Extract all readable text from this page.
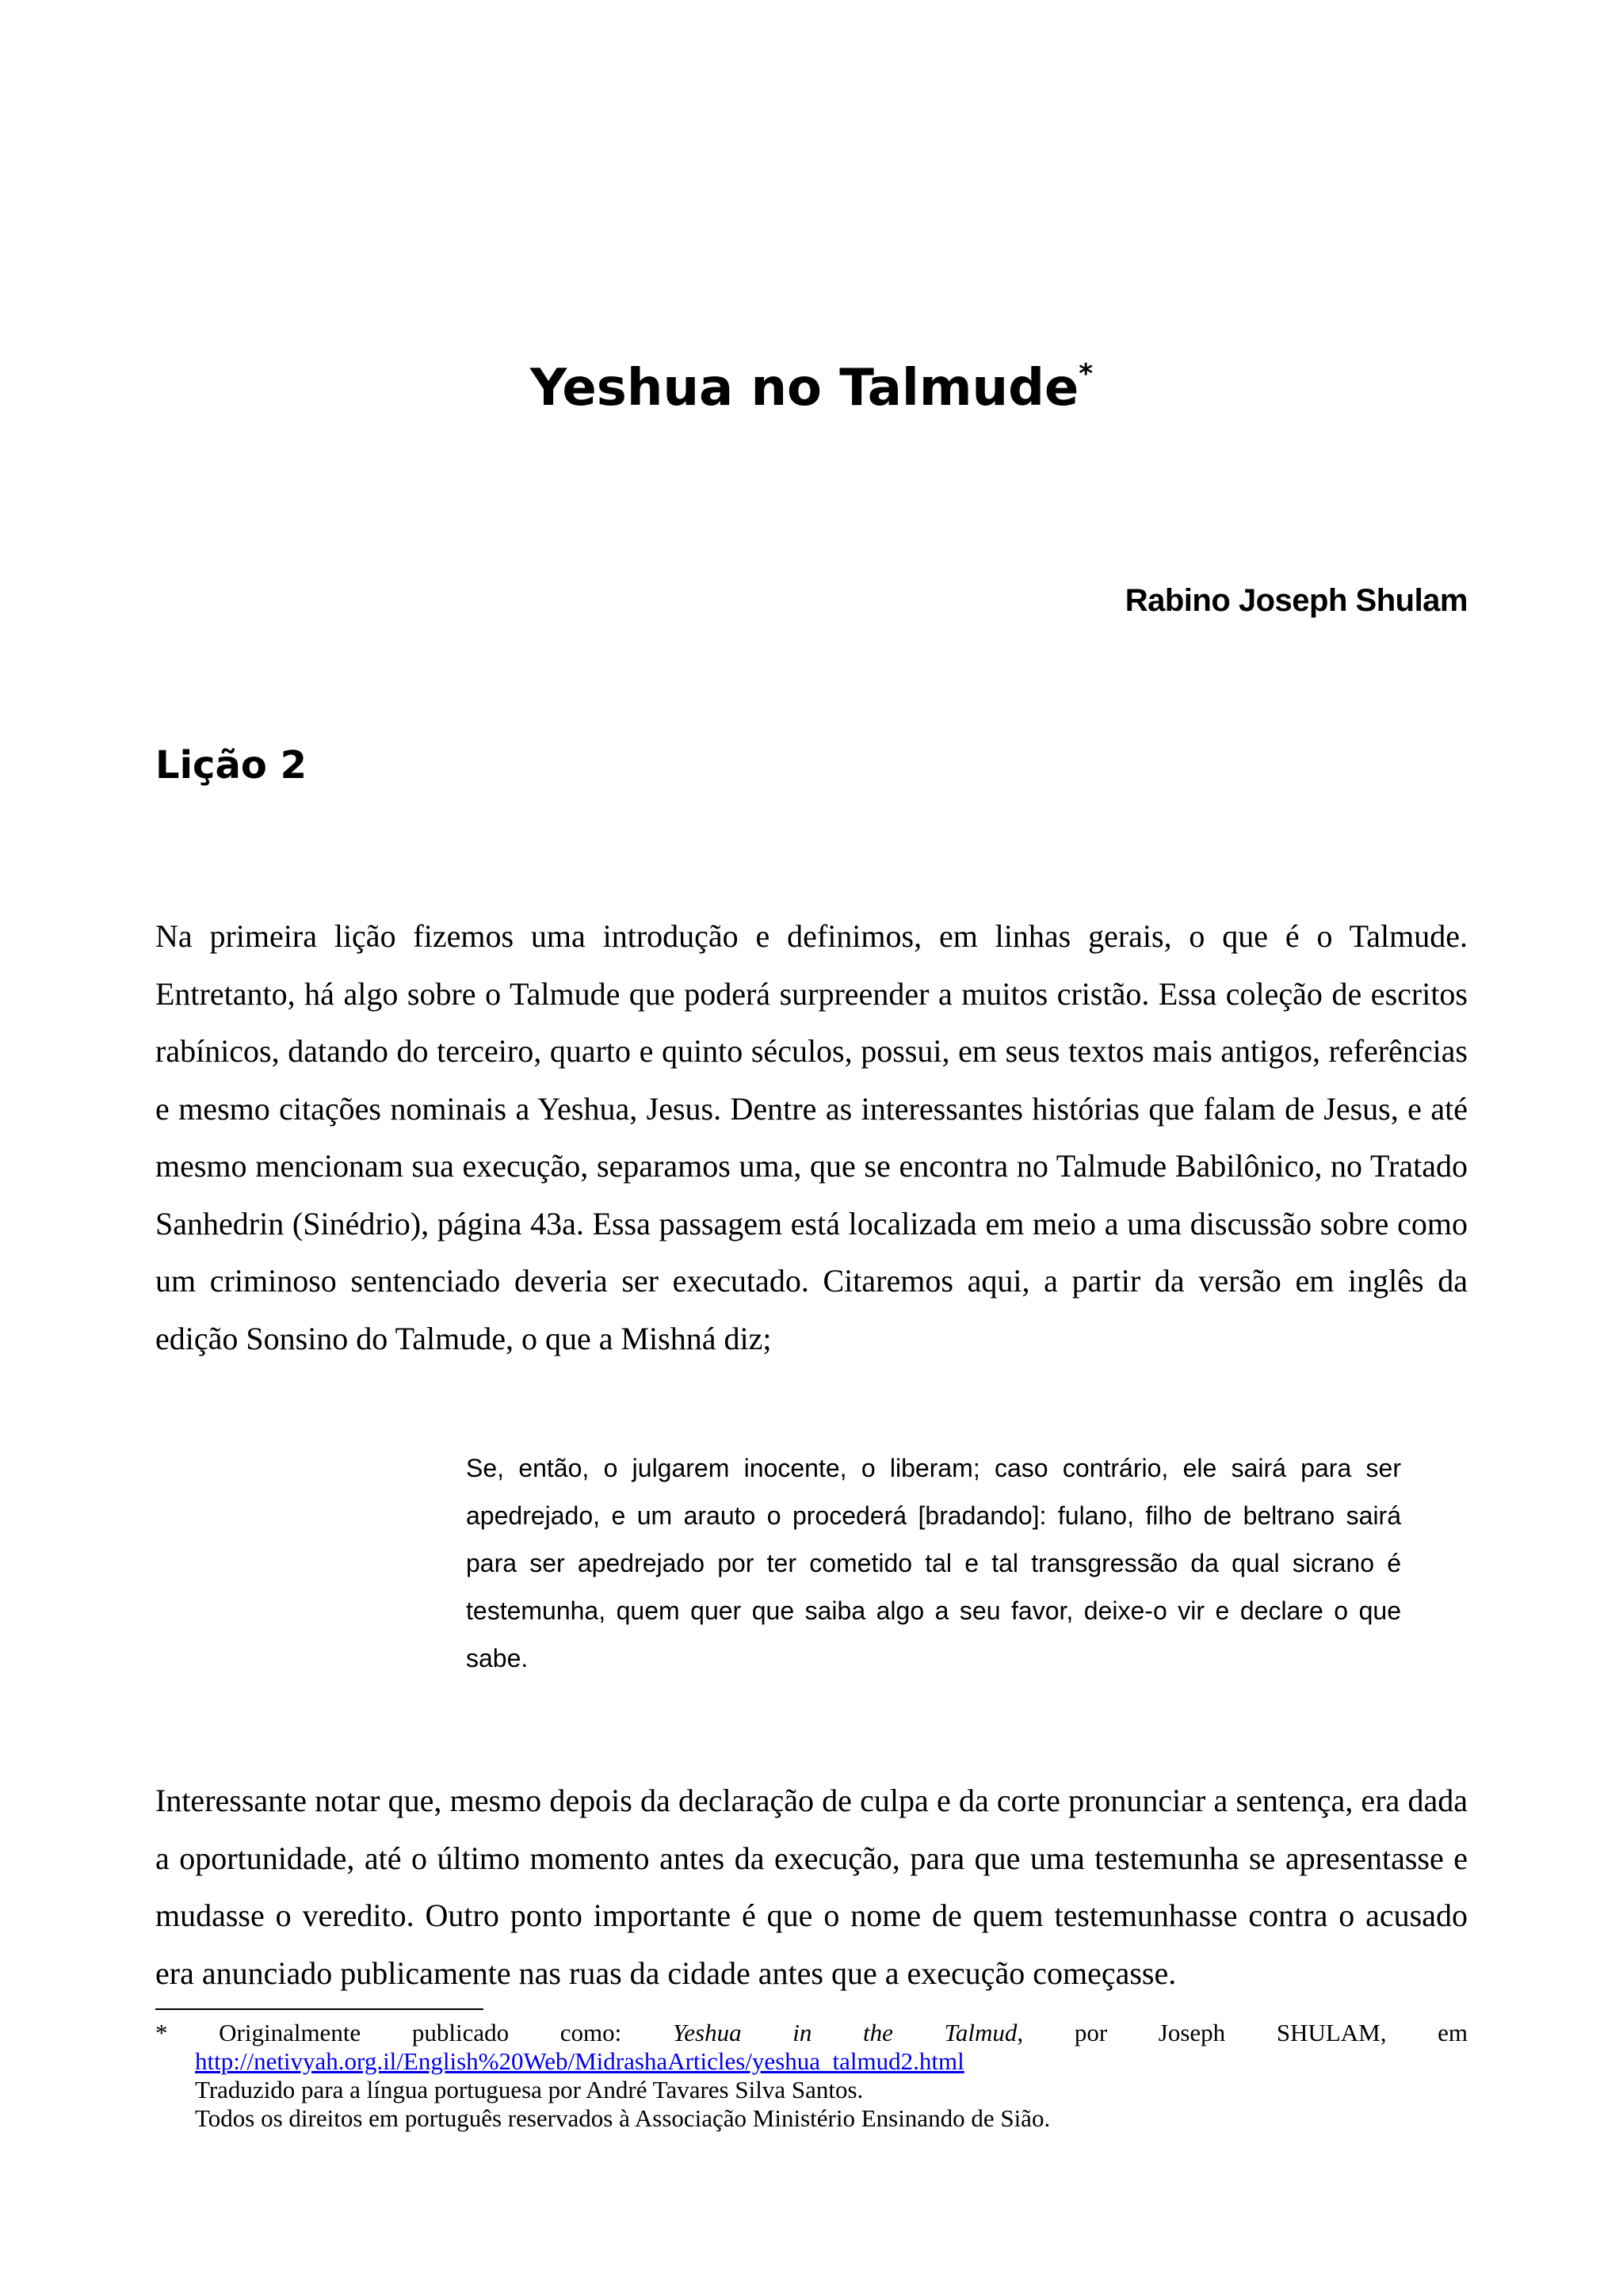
Yeshua no Talmude*

Rabino Joseph Shulam

Lição 2

Na primeira lição fizemos uma introdução e definimos, em linhas gerais, o que é o Talmude. Entretanto, há algo sobre o Talmude que poderá surpreender a muitos cristão. Essa coleção de escritos rabínicos, datando do terceiro, quarto e quinto séculos, possui, em seus textos mais antigos, referências e mesmo citações nominais a Yeshua, Jesus. Dentre as interessantes histórias que falam de Jesus, e até mesmo mencionam sua execução, separamos uma, que se encontra no Talmude Babilônico, no Tratado Sanhedrin (Sinédrio), página 43a. Essa passagem está localizada em meio a uma discussão sobre como um criminoso sentenciado deveria ser executado. Citaremos aqui, a partir da versão em inglês da edição Sonsino do Talmude, o que a Mishná diz;

Se, então, o julgarem inocente, o liberam; caso contrário, ele sairá para ser apedrejado, e um arauto o procederá [bradando]: fulano, filho de beltrano sairá para ser apedrejado por ter cometido tal e tal transgressão da qual sicrano é testemunha, quem quer que saiba algo a seu favor, deixe-o vir e declare o que sabe.

Interessante notar que, mesmo depois da declaração de culpa e da corte pronunciar a sentença, era dada a oportunidade, até o último momento antes da execução, para que uma testemunha se apresentasse e mudasse o veredito. Outro ponto importante é que o nome de quem testemunhasse contra o acusado era anunciado publicamente nas ruas da cidade antes que a execução começasse.

* Originalmente publicado como: Yeshua in the Talmud, por Joseph SHULAM, em
http://netivyah.org.il/English%20Web/MidrashaArticles/yeshua_talmud2.html
Traduzido para a língua portuguesa por André Tavares Silva Santos.
Todos os direitos em português reservados à Associação Ministério Ensinando de Sião.
